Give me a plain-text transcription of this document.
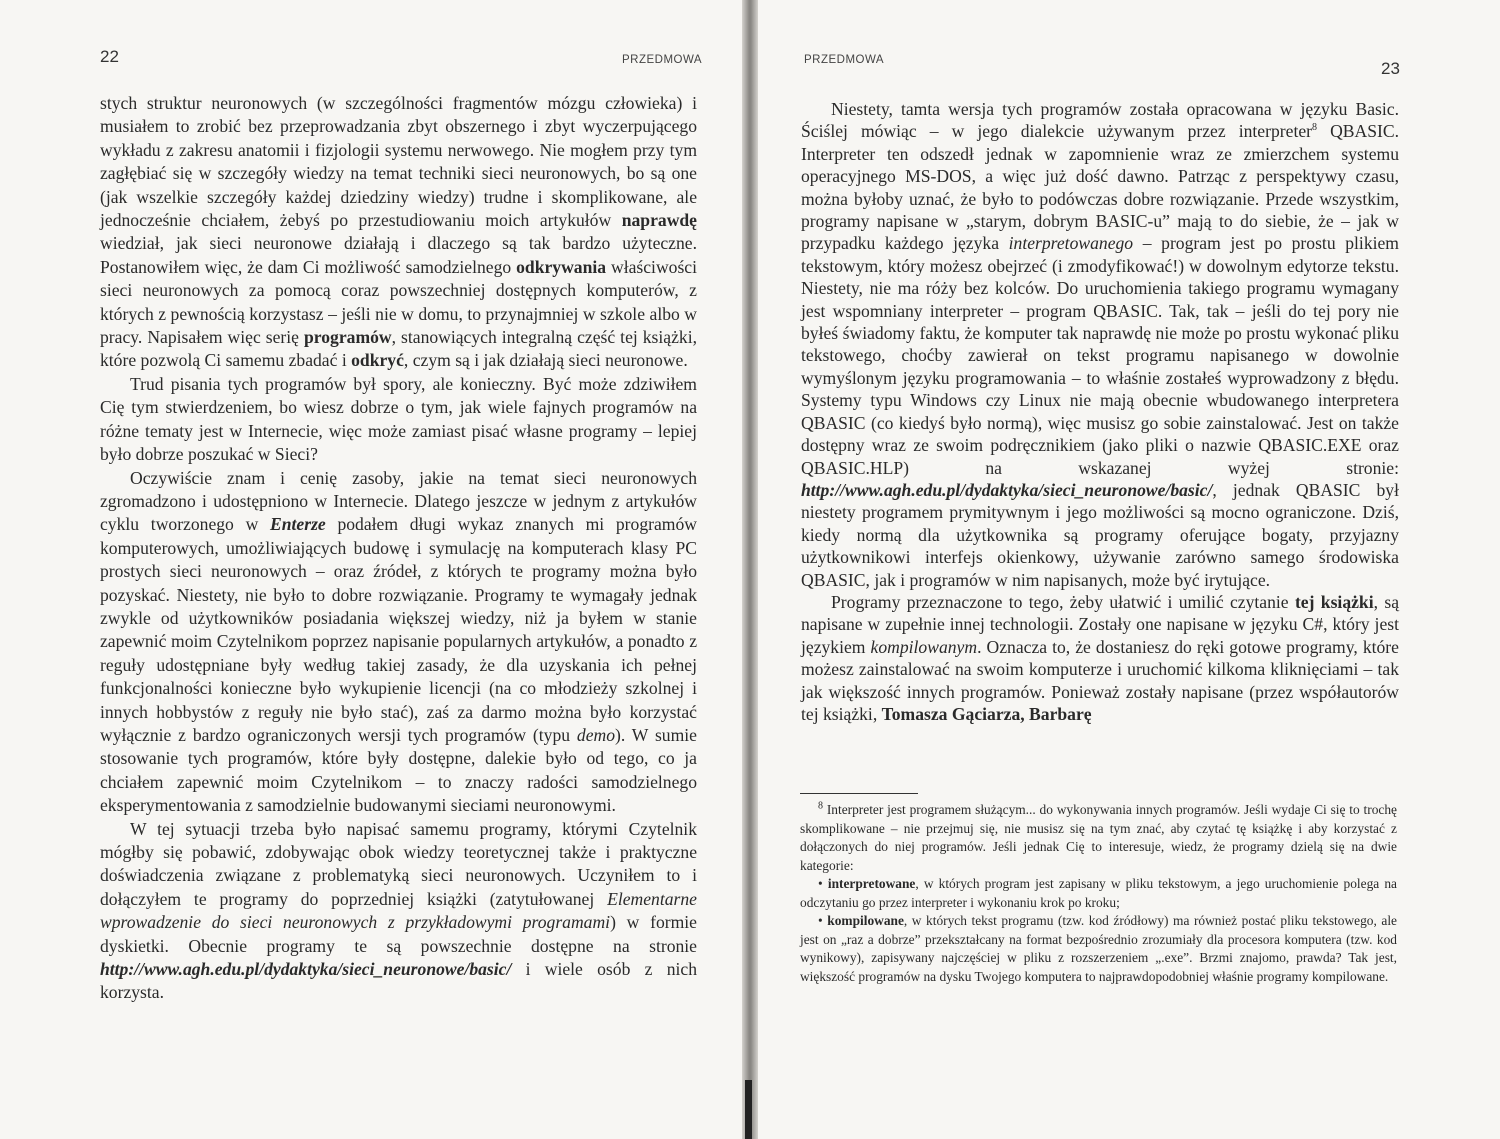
22	PRZEDMOWA

stych struktur neuronowych (w szczególności fragmentów mózgu człowieka) i musiałem to zrobić bez przeprowadzania zbyt obszernego i zbyt wyczerpującego wykładu z zakresu anatomii i fizjologii systemu nerwowego. Nie mogłem przy tym zagłębiać się w szczegóły wiedzy na temat techniki sieci neuronowych, bo są one (jak wszelkie szczegóły każdej dziedziny wiedzy) trudne i skomplikowane, ale jednocześnie chciałem, żebyś po przestudiowaniu moich artykułów naprawdę wiedział, jak sieci neuronowe działają i dlaczego są tak bardzo użyteczne. Postanowiłem więc, że dam Ci możliwość samodzielnego odkrywania właściwości sieci neuronowych za pomocą coraz powszechniej dostępnych komputerów, z których z pewnością korzystasz – jeśli nie w domu, to przynajmniej w szkole albo w pracy. Napisałem więc serię programów, stanowiących integralną część tej książki, które pozwolą Ci samemu zbadać i odkryć, czym są i jak działają sieci neuronowe.

Trud pisania tych programów był spory, ale konieczny. Być może zdziwiłem Cię tym stwierdzeniem, bo wiesz dobrze o tym, jak wiele fajnych programów na różne tematy jest w Internecie, więc może zamiast pisać własne programy – lepiej było dobrze poszukać w Sieci?

Oczywiście znam i cenię zasoby, jakie na temat sieci neuronowych zgromadzono i udostępniono w Internecie. Dlatego jeszcze w jednym z artykułów cyklu tworzonego w Enterze podałem długi wykaz znanych mi programów komputerowych, umożliwiających budowę i symulację na komputerach klasy PC prostych sieci neuronowych – oraz źródeł, z których te programy można było pozyskać. Niestety, nie było to dobre rozwiązanie. Programy te wymagały jednak zwykle od użytkowników posiadania większej wiedzy, niż ja byłem w stanie zapewnić moim Czytelnikom poprzez napisanie popularnych artykułów, a ponadto z reguły udostępniane były według takiej zasady, że dla uzyskania ich pełnej funkcjonalności konieczne było wykupienie licencji (na co młodzieży szkolnej i innych hobbystów z reguły nie było stać), zaś za darmo można było korzystać wyłącznie z bardzo ograniczonych wersji tych programów (typu demo). W sumie stosowanie tych programów, które były dostępne, dalekie było od tego, co ja chciałem zapewnić moim Czytelnikom – to znaczy radości samodzielnego eksperymentowania z samodzielnie budowanymi sieciami neuronowymi.

W tej sytuacji trzeba było napisać samemu programy, którymi Czytelnik mógłby się pobawić, zdobywając obok wiedzy teoretycznej także i praktyczne doświadczenia związane z problematyką sieci neuronowych. Uczyniłem to i dołączyłem te programy do poprzedniej książki (zatytułowanej Elementarne wprowadzenie do sieci neuronowych z przykładowymi programami) w formie dyskietki. Obecnie programy te są powszechnie dostępne na stronie http://www.agh.edu.pl/dydaktyka/sieci_neuronowe/basic/ i wiele osób z nich korzysta.

PRZEDMOWA	23

Niestety, tamta wersja tych programów została opracowana w języku Basic. Ściślej mówiąc – w jego dialekcie używanym przez interpreter$^8$ QBASIC. Interpreter ten odszedł jednak w zapomnienie wraz ze zmierzchem systemu operacyjnego MS-DOS, a więc już dość dawno. Patrząc z perspektywy czasu, można byłoby uznać, że było to podówczas dobre rozwiązanie. Przede wszystkim, programy napisane w „starym, dobrym BASIC-u” mają to do siebie, że – jak w przypadku każdego języka interpretowanego – program jest po prostu plikiem tekstowym, który możesz obejrzeć (i zmodyfikować!) w dowolnym edytorze tekstu. Niestety, nie ma róży bez kolców. Do uruchomienia takiego programu wymagany jest wspomniany interpreter – program QBASIC. Tak, tak – jeśli do tej pory nie byłeś świadomy faktu, że komputer tak naprawdę nie może po prostu wykonać pliku tekstowego, choćby zawierał on tekst programu napisanego w dowolnie wymyślonym języku programowania – to właśnie zostałeś wyprowadzony z błędu. Systemy typu Windows czy Linux nie mają obecnie wbudowanego interpretera QBASIC (co kiedyś było normą), więc musisz go sobie zainstalować. Jest on także dostępny wraz ze swoim podręcznikiem (jako pliki o nazwie QBASIC.EXE oraz QBASIC.HLP) na wskazanej wyżej stronie: http://www.agh.edu.pl/dydaktyka/sieci_neuronowe/basic/, jednak QBASIC był niestety programem prymitywnym i jego możliwości są mocno ograniczone. Dziś, kiedy normą dla użytkownika są programy oferujące bogaty, przyjazny użytkownikowi interfejs okienkowy, używanie zarówno samego środowiska QBASIC, jak i programów w nim napisanych, może być irytujące.

Programy przeznaczone to tego, żeby ułatwić i umilić czytanie tej książki, są napisane w zupełnie innej technologii. Zostały one napisane w języku C#, który jest językiem kompilowanym. Oznacza to, że dostaniesz do ręki gotowe programy, które możesz zainstalować na swoim komputerze i uruchomić kilkoma kliknięciami – tak jak większość innych programów. Ponieważ zostały napisane (przez współautorów tej książki, Tomasza Gąciarza, Barbarę

$^8$ Interpreter jest programem służącym... do wykonywania innych programów. Jeśli wydaje Ci się to trochę skomplikowane – nie przejmuj się, nie musisz się na tym znać, aby czytać tę książkę i aby korzystać z dołączonych do niej programów. Jeśli jednak Cię to interesuje, wiedz, że programy dzielą się na dwie kategorie:

• interpretowane, w których program jest zapisany w pliku tekstowym, a jego uruchomienie polega na odczytaniu go przez interpreter i wykonaniu krok po kroku;

• kompilowane, w których tekst programu (tzw. kod źródłowy) ma również postać pliku tekstowego, ale jest on „raz a dobrze” przekształcany na format bezpośrednio zrozumiały dla procesora komputera (tzw. kod wynikowy), zapisywany najczęściej w pliku z rozszerzeniem „.exe”. Brzmi znajomo, prawda? Tak jest, większość programów na dysku Twojego komputera to najprawdopodobniej właśnie programy kompilowane.
